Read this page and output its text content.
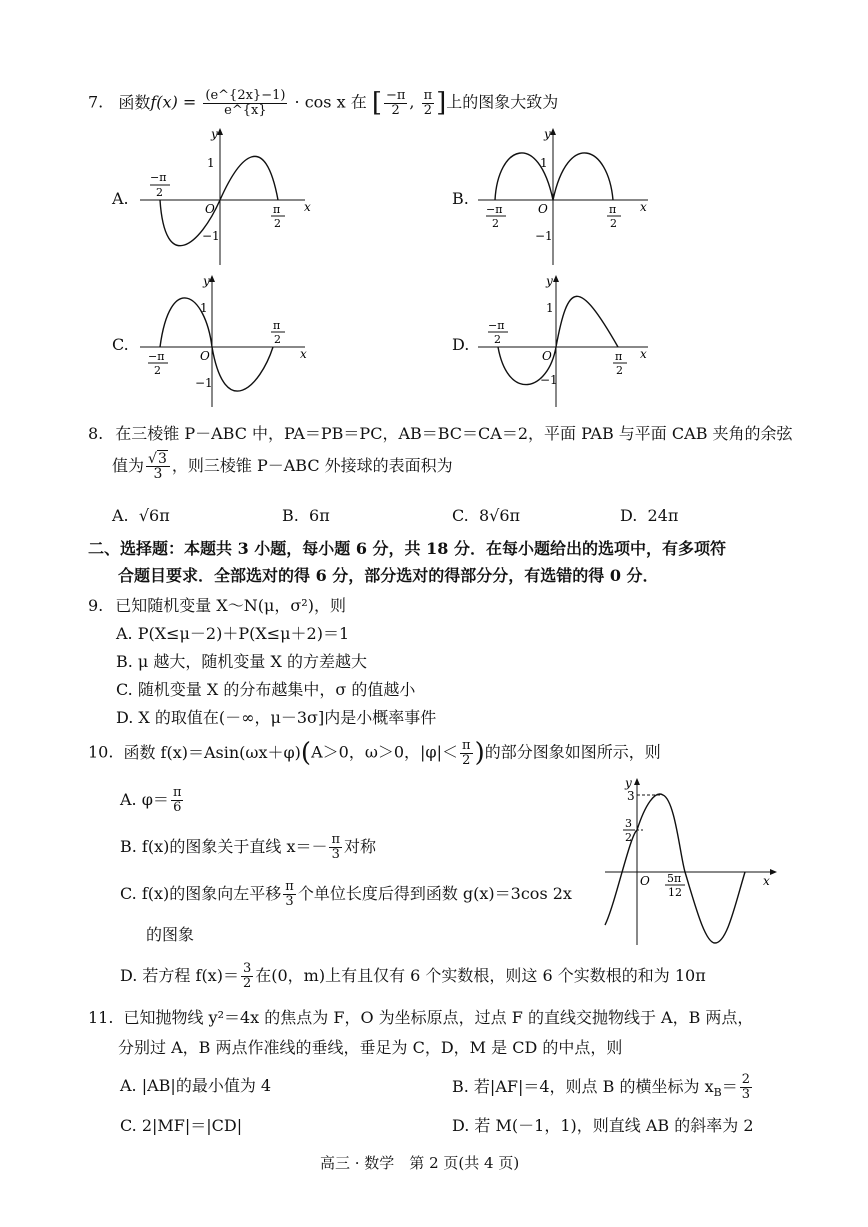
7. 函数$f(x) = \frac{(e\^{}\{2x\}-1)}{e\^{}\{x\}} \cdot \cos x$ 在 [ $\frac{-\pi}{2}$ , $\frac{\pi}{2}$ ]上的图象大致为
A.	B.
C.	D.
y
x
O
1
−1
−π
2
π
2
y
x
O
1
−1
−π
2
π
2
y
x
O
1
−1
−π
2
π
2
y
x
O
1
−1
−π
2
π
2
8. 在三棱锥 P－ABC 中，PA＝PB＝PC，AB＝BC＝CA＝2，平面 PAB 与平面 CAB 夹角的余弦
值为 $\frac{√3}{3}$ ，则三棱锥 P－ABC 外接球的表面积为
A. √6π	B. 6π	C. 8√6π	D. 24π
二、选择题：本题共 3 小题，每小题 6 分，共 18 分．在每小题给出的选项中，有多项符
合题目要求．全部选对的得 6 分，部分选对的得部分分，有选错的得 0 分．
9. 已知随机变量 X～N(μ，σ²)，则
A. P(X≤μ－2)＋P(X≤μ＋2)＝1
B. μ 越大，随机变量 X 的方差越大
C. 随机变量 X 的分布越集中，σ 的值越小
D. X 的取值在(－∞，μ－3σ]内是小概率事件
10. 函数 f(x)＝Asin(ωx＋φ)(A＞0，ω＞0，$|\varphi|< \frac{\pi}{2}$ )的部分图象如图所示，则
A. $\varphi= \frac{\pi}{6}$
B. f(x)的图象关于直线 $x=- \frac{\pi}{3}$ 对称
C. f(x)的图象向左平移 $\frac{\pi}{3}$ 个单位长度后得到函数 g(x)＝3cos 2x
的图象
D. 若方程 $f(x)= \frac{3}{2}$ 在(0，m)上有且仅有 6 个实数根，则这 6 个实数根的和为 10π
y
x
O
3
3
2
5π
12
11. 已知抛物线 y²＝4x 的焦点为 F，O 为坐标原点，过点 F 的直线交抛物线于 A，B 两点，
分别过 A，B 两点作准线的垂线，垂足为 C，D，M 是 CD 的中点，则
A. |AB|的最小值为 4	B. 若|AF|＝4，则点 B 的横坐标为 $x_B= \frac{2}{3}$
C. 2|MF|＝|CD|	D. 若 M(－1，1)，则直线 AB 的斜率为 2
高三 · 数学　第 2 页(共 4 页)
